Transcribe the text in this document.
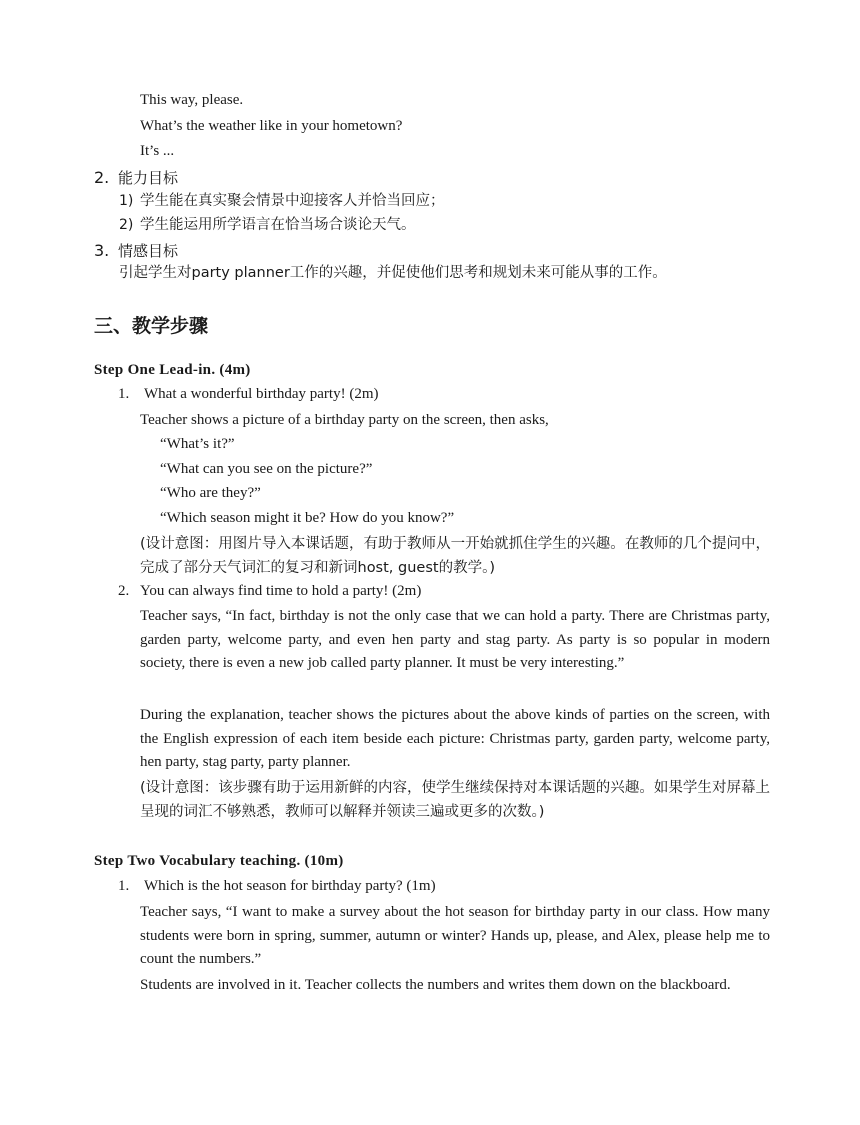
This way, please.
What’s the weather like in your hometown?
It’s ...
2. 能力目标
1) 学生能在真实聚会情景中迎接客人并恰当回应；
2) 学生能运用所学语言在恰当场合谈论天气。
3. 情感目标
引起学生对party planner工作的兴趣，并促使他们思考和规划未来可能从事的工作。
三、教学步骤
Step One Lead-in. (4m)
1. What a wonderful birthday party! (2m)
Teacher shows a picture of a birthday party on the screen, then asks,
“What’s it?”
“What can you see on the picture?”
“Who are they?”
“Which season might it be? How do you know?”
(设计意图：用图片导入本课话题，有助于教师从一开始就抓住学生的兴趣。在教师的几个提问中，完成了部分天气词汇的复习和新词host, guest的教学。)
2. You can always find time to hold a party! (2m)
Teacher says, “In fact, birthday is not the only case that we can hold a party. There are Christmas party, garden party, welcome party, and even hen party and stag party. As party is so popular in modern society, there is even a new job called party planner. It must be very interesting.”
During the explanation, teacher shows the pictures about the above kinds of parties on the screen, with the English expression of each item beside each picture: Christmas party, garden party, welcome party, hen party, stag party, party planner.
(设计意图：该步骤有助于运用新鲜的内容，使学生继续保持对本课话题的兴趣。如果学生对屏幕上呈现的词汇不够熟悉，教师可以解释并领读三遍或更多的次数。)
Step Two Vocabulary teaching. (10m)
1. Which is the hot season for birthday party? (1m)
Teacher says, “I want to make a survey about the hot season for birthday party in our class. How many students were born in spring, summer, autumn or winter? Hands up, please, and Alex, please help me to count the numbers.”
Students are involved in it. Teacher collects the numbers and writes them down on the blackboard.
